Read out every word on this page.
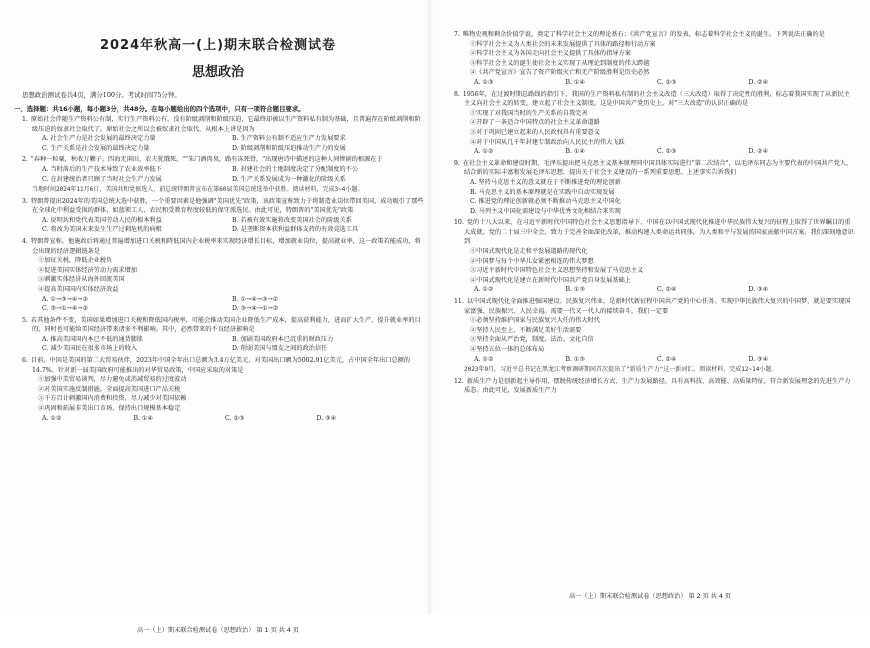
2024年秋高一(上)期末联合检测试卷
思想政治
思想政治测试卷共4页，满分100分。考试时间75分钟。
一、选择题：共16小题，每小题3分，共48分。在每小题给出的四个选项中，只有一项符合题目要求。
1. 原始社会伴随生产资料公有制，实行生产资料公有，没有阶级剥削和阶级压迫，它最终却被以生产资料私有制为基础，且普遍存在阶级剥削和阶级压迫的奴隶社会取代了。原始社会之所以会被奴隶社会取代，从根本上讲是因为
A. 社会生产力是社会发展的最终决定力量	B. 生产资料公有制不适应生产力发展要求
C. 生产关系是社会发展的最终决定力量	D. 阶级剥削和阶级压迫推动生产力的发展
2. "春种一粒粟，秋收万颗子。四海无闲田，农夫犹饿死。""朱门酒肉臭，路有冻死骨。"出现唐诗中描述的这种人间惨剧的根源在于
A. 当时落后的生产技术导致了农业效率低下	B. 封建社会的土地制度决定了分配制度的不公
C. 在封建统治者只顾了当时社会生产力发展	D. 生产关系发展成为一种激化的阶级关系
当地时间2024年11月6日，美国共和党候选人、前总统特朗普宣布在第60届美国总统选举中获胜。阅读材料，完成3~4小题。
3. 特朗普提出2024年的美国总统大选中获胜，一个重要因素是他强调"美国优先"政策，该政策宣称致力于将制造业岗位带回美国，成功吸引了那些在全球化中利益受损的群体，如蓝领工人、农民和受教育程度较低的保守派选民。由此可见，特朗普的"美国优先"政策
A. 说明共和党代表美国劳动人民的根本利益	B. 若被有效实施将改变美国社会的阶级关系
C. 将改为美国未来发生生产过剩危机的病根	D. 是垄断资本获利益群体支持的有效竞选工具
4. 特朗普宣称，他施政后将通过普遍增加进口关税和降低国内企业税率来实现经济增长目标，增加就业岗位，提高就业率，这一政策若能成功，将会出现的经济逻辑链条是
①加征关税，降低企业税负
②促进美国实体经济劳动力需求增加
③刺激实体经济从海外回流美国
④提高美国国内实体经济效益
A. ①→③→④→②	B. ①→④→③→②
C. ③→①→④→②	D. ③→④→①→②
5. 若其他条件不变，美国如果增加进口关税和降低国内税率，可能会推动美国企业降低生产成本，提高获利能力，进而扩大生产，提升就业率的目的，同时也可能给美国经济带来诸多不利影响。其中，必然带来的不良经济影响是
A. 推高美国国内本已不低的通货膨胀	B. 加剧美国政府本已沉重的财政压力
C. 减少美国民在很多市场上的收入	D. 削弱美国与盟友之间的政治信任
6. 目前，中国是美国的第二大贸易伙伴，2023年中国全年出口总额为3.4万亿美元，对美国出口额为5002.91亿美元，占中国全年出口总额的14.7%。针对新一届美国政府可能推出的对华贸易政策，中国应采取的对策是
①加强中美贸易谈判，尽力避免或消减贸易的过度波动
②对美国实施反制措施，全面提高美国进口产品关税
③千方百计刺激国内消费和投资，尽力减少对美国依赖
④巩固和拓展非美出口市场，保持出口规模基本稳定
A. ①②	B. ①④	C. ②③	D. ③④
高一（上）期末联合检测试卷（思想政治） 第 1 页 共 4 页
7. 唯物史观和剩余价值学说，奠定了科学社会主义的理论基石；《共产党宣言》的发表，标志着科学社会主义的诞生。下列说法正确的是
①科学社会主义为人类社会的未来发展提供了具体的路径和行动方案
②科学社会主义为各国走向社会主义提供了具体的指导方案
③科学社会主义的诞生使社会主义实现了从理论到制度的伟大跨越
④《共产党宣言》宣告了资产阶级灭亡和无产阶级胜利是历史必然
A. ①③	B. ①④	C. ②③	D. ②④
8. 1956年，在过渡时期总路线的指引下，我国的生产资料私有制的社会主义改造（三大改造）取得了决定性的胜利，标志着我国实现了从新民主主义向社会主义的转变，建立起了社会主义制度。这是中国共产党历史上，对"三大改造"的认识正确的是
①实现了对我国当时的生产关系的自我完善
②开辟了一条适合中国特点的社会主义革命道路
③对于巩固已建立起来的人民政权具有重要意义
④对于中国从几千年封建专制政治向人民民主的伟大飞跃
A. ①②	B. ①④	C. ②③	D. ②④
9. 在社会主义革命和建设时期，毛泽东提出把马克思主义基本原理同中国具体实际进行"第二次结合"，以毛泽东同志为主要代表的中国共产党人，结合新的实际丰富和发展毛泽东思想，提出关于社会主义建设的一系列重要思想。上述事实告诉我们
A. 坚持马克思主义的意义就在于不断推进党的理论创新
B. 马克思主义的基本原理就是在实践中自动实现发展
C. 推进党的理论创新就必须不断推动马克思主义中国化
D. 马列主义中国化需建设与中华优秀文化相结合来实现
10. 党的十八大以来，在习近平新时代中国特色社会主义思想指导下，中国在以中国式现代化推进中华民族伟大复兴的征程上取得了世界瞩目的重大成就。党的二十届三中全会，致力于完善全面深化改革，推动构建人类命运共同体，为人类和平与发展的国家贡献中国方案。我们深刻地意识到
①中国式现代化是走和平发展道路的现代化
②中国梦与每个中华儿女紧密相连的伟大梦想
③习近平新时代中国特色社会主义思想坚持和发展了马克思主义
④中国式现代化是建立在新时代中国共产党自身发展基础上
A. ①②	B. ①③	C. ②④	D. ③④
11. 以中国式现代化全面推进强国建设、民族复兴伟业，是新时代新征程中国共产党的中心任务。实现中华民族伟大复兴的中国梦，就是要实现国家富强、民族振兴、人民幸福。需要一代又一代人的接续奋斗，我们一定要
①必须坚持维护国家与民族复兴大任的伟大时代
②坚持人民至上，不断满足美好生活需要
③坚持全面从严治党，制度、法治、文化自信
④坚持五位一体的总体布局
A. ①②	B. ①③	C. ②④	D. ③④
2023年9月，习近平总书记在黑龙江考察调研期间首次提出了"新质生产力"这一新词汇。阅读材料，完成12~14小题。
12. 新质生产力是创新起主导作用，摆脱传统经济增长方式、生产力发展路径，具有高科技、高效能、高质量特征，符合新发展理念的先进生产力质态。由此可见，发展新质生产力
高一（上）期末联合检测试卷（思想政治） 第 2 页 共 4 页
